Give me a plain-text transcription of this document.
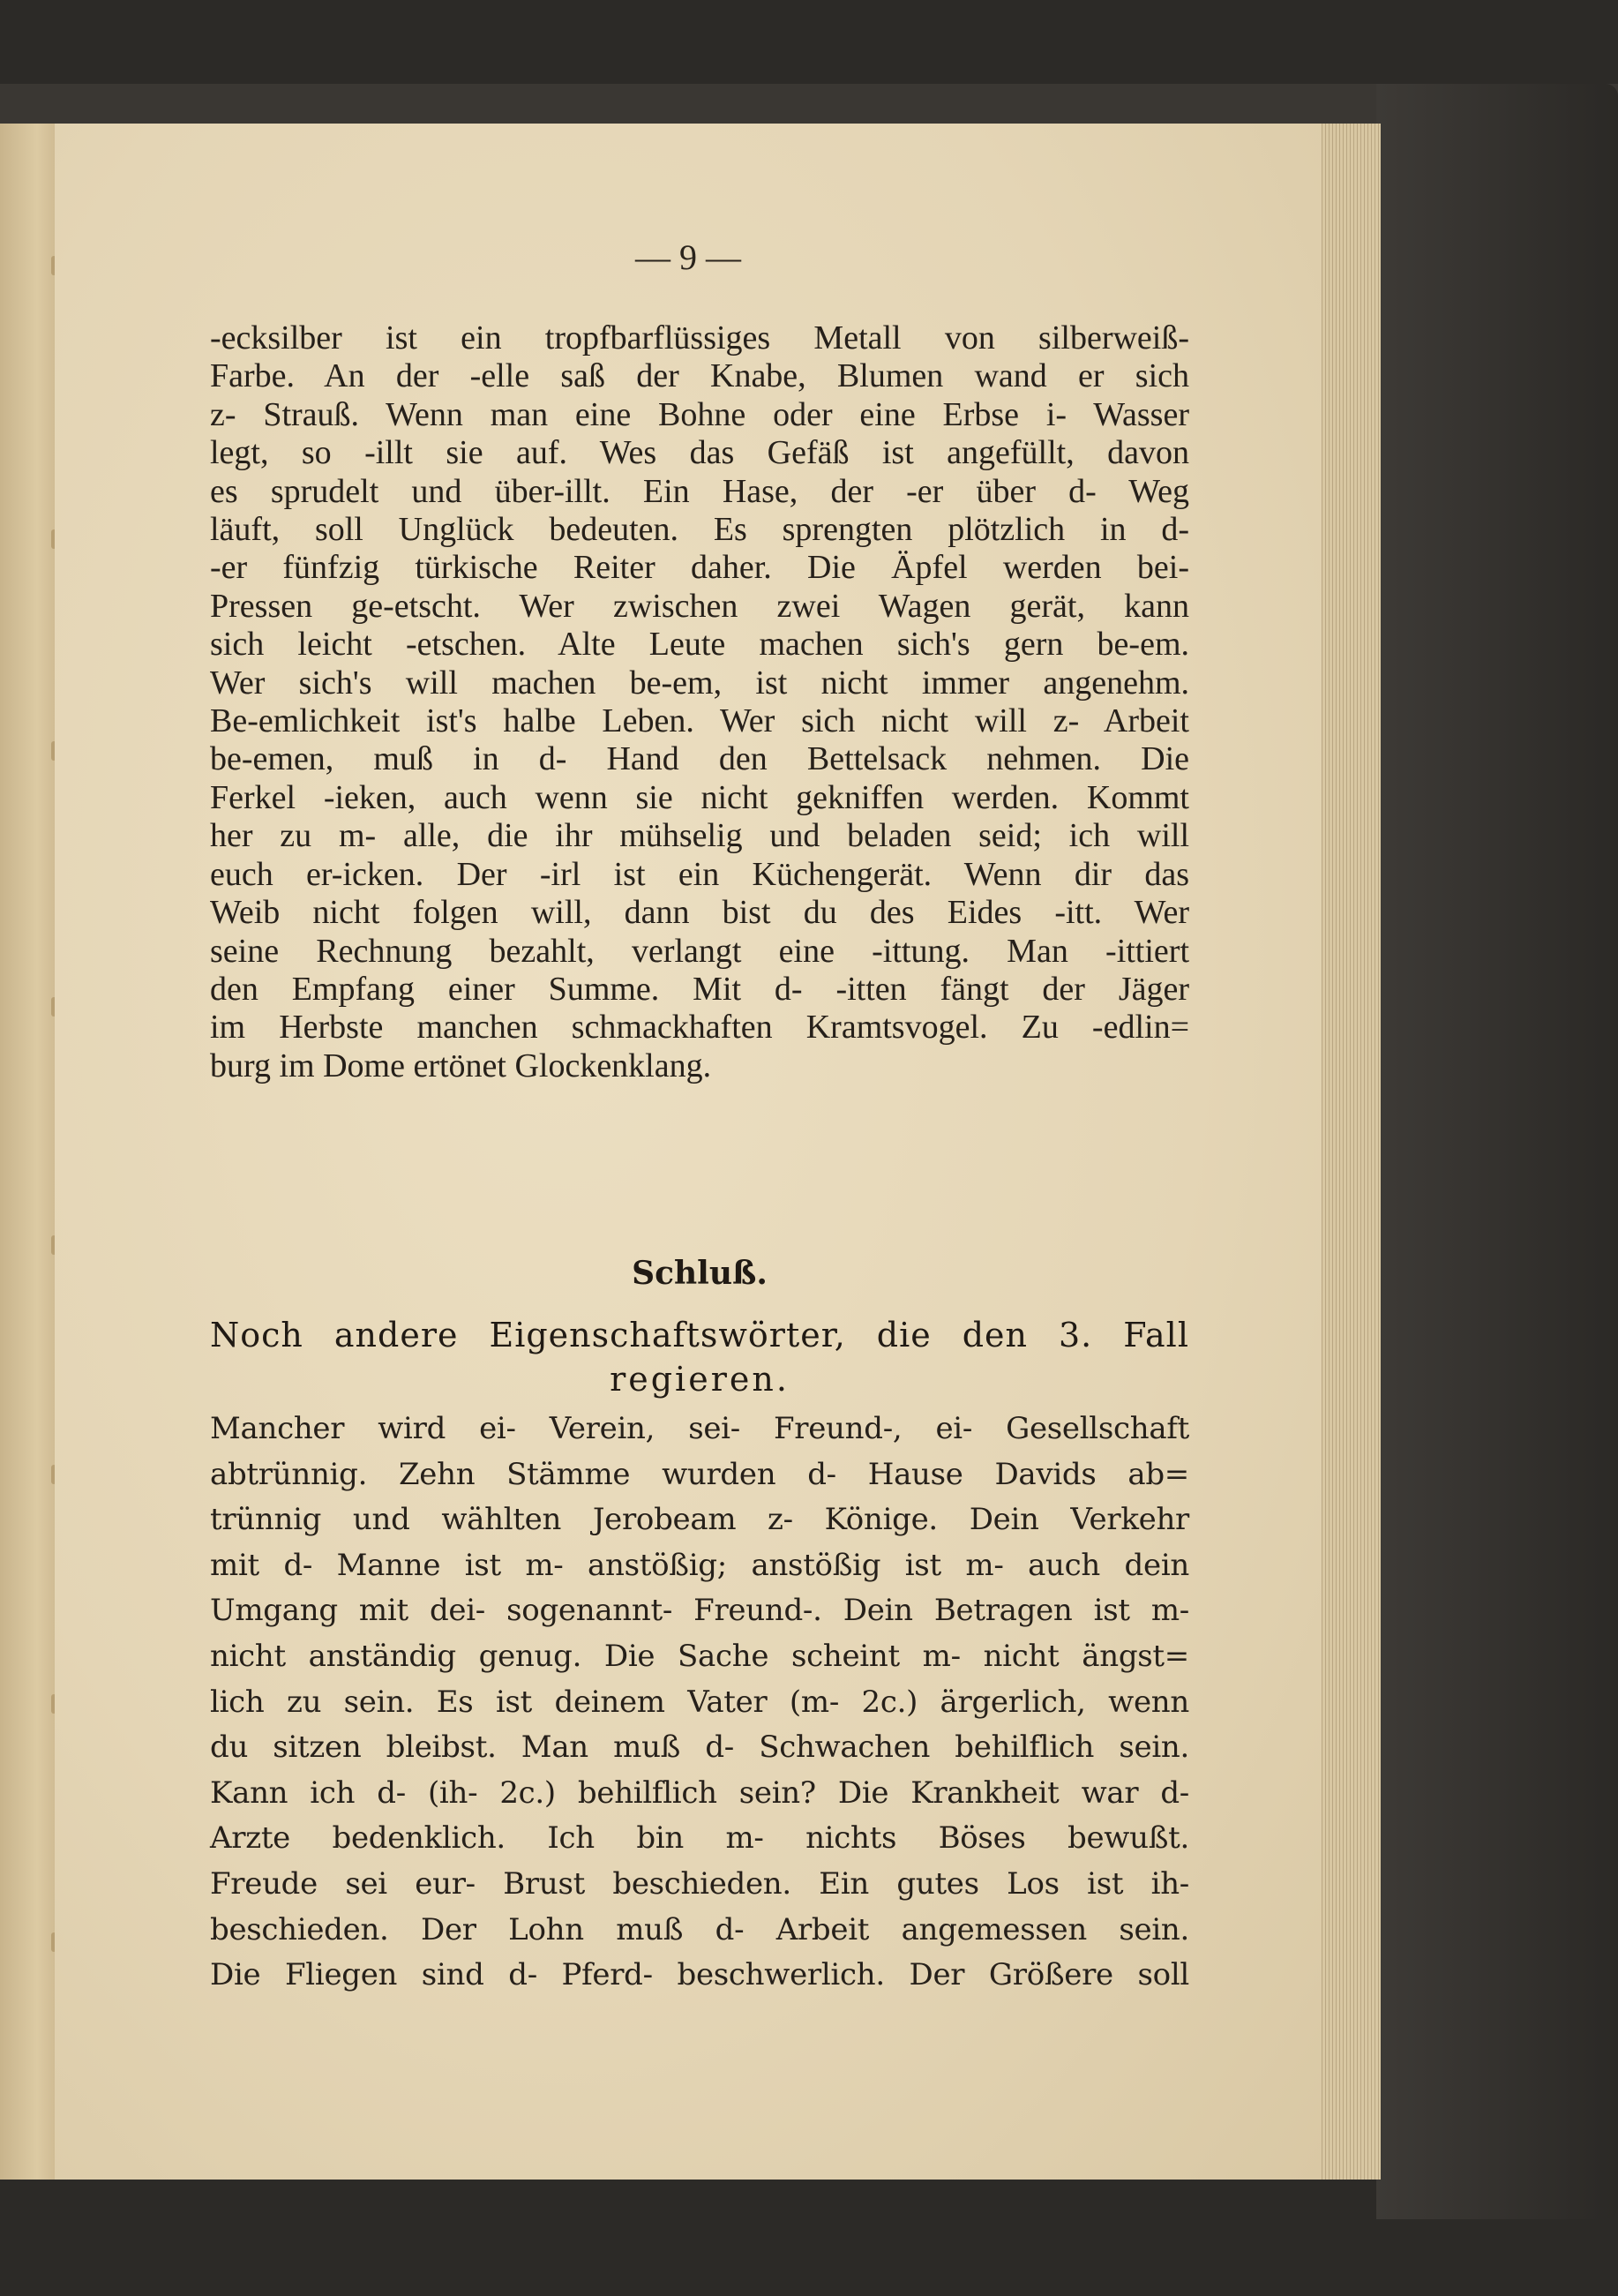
— 9 —
-ecksilber ist ein tropfbarflüssiges Metall von silberweiß-
Farbe. An der -elle saß der Knabe, Blumen wand er sich
z- Strauß. Wenn man eine Bohne oder eine Erbse i- Wasser
legt, so -illt sie auf. Wes das Gefäß ist angefüllt, davon
es sprudelt und über-illt. Ein Hase, der -er über d- Weg
läuft, soll Unglück bedeuten. Es sprengten plötzlich in d-
-er fünfzig türkische Reiter daher. Die Äpfel werden bei-
Pressen ge-etscht. Wer zwischen zwei Wagen gerät, kann
sich leicht -etschen. Alte Leute machen sich's gern be-em.
Wer sich's will machen be-em, ist nicht immer angenehm.
Be-emlichkeit ist's halbe Leben. Wer sich nicht will z- Arbeit
be-emen, muß in d- Hand den Bettelsack nehmen. Die
Ferkel -ieken, auch wenn sie nicht gekniffen werden. Kommt
her zu m- alle, die ihr mühselig und beladen seid; ich will
euch er-icken. Der -irl ist ein Küchengerät. Wenn dir das
Weib nicht folgen will, dann bist du des Eides -itt. Wer
seine Rechnung bezahlt, verlangt eine -ittung. Man -ittiert
den Empfang einer Summe. Mit d- -itten fängt der Jäger
im Herbste manchen schmackhaften Kramtsvogel. Zu -edlin=
burg im Dome ertönet Glockenklang.
Schluß.
Noch andere Eigenschaftswörter, die den 3. Fall
regieren.
Mancher wird ei- Verein, sei- Freund-, ei- Gesellschaft
abtrünnig. Zehn Stämme wurden d- Hause Davids ab=
trünnig und wählten Jerobeam z- Könige. Dein Verkehr
mit d- Manne ist m- anstößig; anstößig ist m- auch dein
Umgang mit dei- sogenannt- Freund-. Dein Betragen ist m-
nicht anständig genug. Die Sache scheint m- nicht ängst=
lich zu sein. Es ist deinem Vater (m- 2c.) ärgerlich, wenn
du sitzen bleibst. Man muß d- Schwachen behilflich sein.
Kann ich d- (ih- 2c.) behilflich sein? Die Krankheit war d-
Arzte bedenklich. Ich bin m- nichts Böses bewußt.
Freude sei eur- Brust beschieden. Ein gutes Los ist ih-
beschieden. Der Lohn muß d- Arbeit angemessen sein.
Die Fliegen sind d- Pferd- beschwerlich. Der Größere soll
